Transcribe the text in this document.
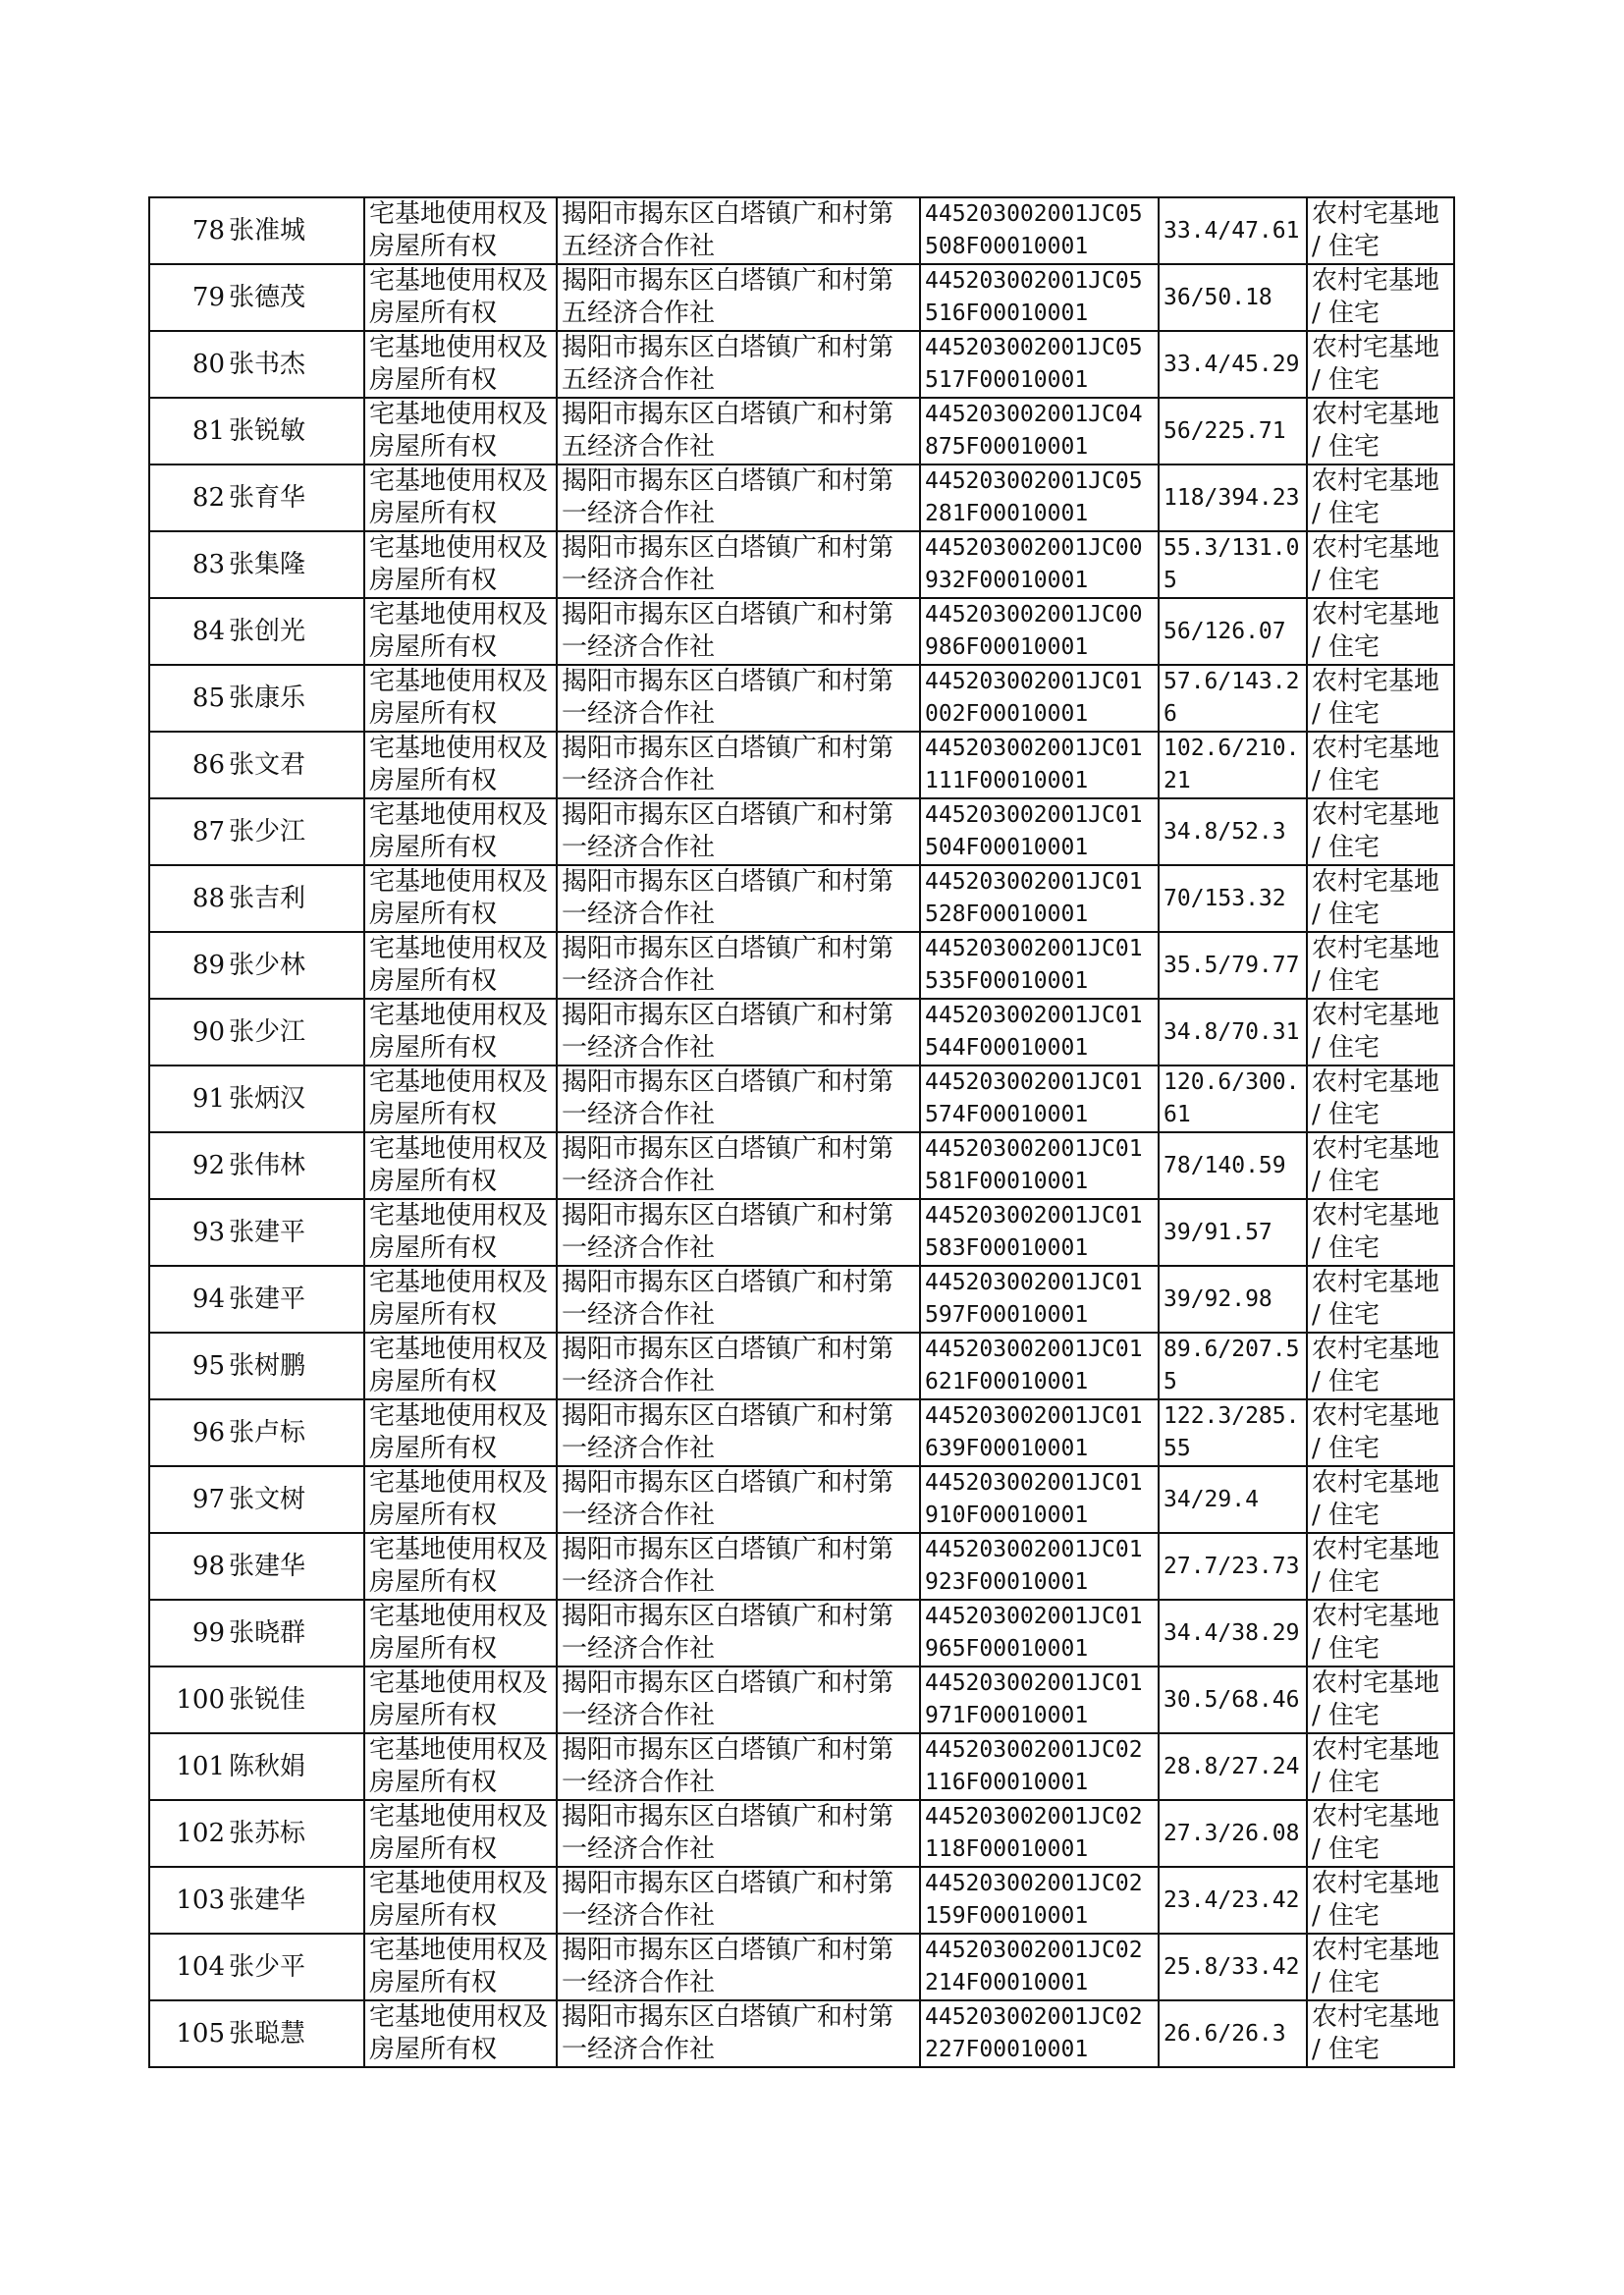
78	张准城	宅基地使用权及房屋所有权	揭阳市揭东区白塔镇广和村第五经济合作社	445203002001JC05508F00010001	33.4/47.61	农村宅基地 / 住宅
79	张德茂	宅基地使用权及房屋所有权	揭阳市揭东区白塔镇广和村第五经济合作社	445203002001JC05516F00010001	36/50.18	农村宅基地 / 住宅
80	张书杰	宅基地使用权及房屋所有权	揭阳市揭东区白塔镇广和村第五经济合作社	445203002001JC05517F00010001	33.4/45.29	农村宅基地 / 住宅
81	张锐敏	宅基地使用权及房屋所有权	揭阳市揭东区白塔镇广和村第五经济合作社	445203002001JC04875F00010001	56/225.71	农村宅基地 / 住宅
82	张育华	宅基地使用权及房屋所有权	揭阳市揭东区白塔镇广和村第一经济合作社	445203002001JC05281F00010001	118/394.23	农村宅基地 / 住宅
83	张集隆	宅基地使用权及房屋所有权	揭阳市揭东区白塔镇广和村第一经济合作社	445203002001JC00932F00010001	55.3/131.05	农村宅基地 / 住宅
84	张创光	宅基地使用权及房屋所有权	揭阳市揭东区白塔镇广和村第一经济合作社	445203002001JC00986F00010001	56/126.07	农村宅基地 / 住宅
85	张康乐	宅基地使用权及房屋所有权	揭阳市揭东区白塔镇广和村第一经济合作社	445203002001JC01002F00010001	57.6/143.26	农村宅基地 / 住宅
86	张文君	宅基地使用权及房屋所有权	揭阳市揭东区白塔镇广和村第一经济合作社	445203002001JC01111F00010001	102.6/210.21	农村宅基地 / 住宅
87	张少江	宅基地使用权及房屋所有权	揭阳市揭东区白塔镇广和村第一经济合作社	445203002001JC01504F00010001	34.8/52.3	农村宅基地 / 住宅
88	张吉利	宅基地使用权及房屋所有权	揭阳市揭东区白塔镇广和村第一经济合作社	445203002001JC01528F00010001	70/153.32	农村宅基地 / 住宅
89	张少林	宅基地使用权及房屋所有权	揭阳市揭东区白塔镇广和村第一经济合作社	445203002001JC01535F00010001	35.5/79.77	农村宅基地 / 住宅
90	张少江	宅基地使用权及房屋所有权	揭阳市揭东区白塔镇广和村第一经济合作社	445203002001JC01544F00010001	34.8/70.31	农村宅基地 / 住宅
91	张炳汉	宅基地使用权及房屋所有权	揭阳市揭东区白塔镇广和村第一经济合作社	445203002001JC01574F00010001	120.6/300.61	农村宅基地 / 住宅
92	张伟林	宅基地使用权及房屋所有权	揭阳市揭东区白塔镇广和村第一经济合作社	445203002001JC01581F00010001	78/140.59	农村宅基地 / 住宅
93	张建平	宅基地使用权及房屋所有权	揭阳市揭东区白塔镇广和村第一经济合作社	445203002001JC01583F00010001	39/91.57	农村宅基地 / 住宅
94	张建平	宅基地使用权及房屋所有权	揭阳市揭东区白塔镇广和村第一经济合作社	445203002001JC01597F00010001	39/92.98	农村宅基地 / 住宅
95	张树鹏	宅基地使用权及房屋所有权	揭阳市揭东区白塔镇广和村第一经济合作社	445203002001JC01621F00010001	89.6/207.55	农村宅基地 / 住宅
96	张卢标	宅基地使用权及房屋所有权	揭阳市揭东区白塔镇广和村第一经济合作社	445203002001JC01639F00010001	122.3/285.55	农村宅基地 / 住宅
97	张文树	宅基地使用权及房屋所有权	揭阳市揭东区白塔镇广和村第一经济合作社	445203002001JC01910F00010001	34/29.4	农村宅基地 / 住宅
98	张建华	宅基地使用权及房屋所有权	揭阳市揭东区白塔镇广和村第一经济合作社	445203002001JC01923F00010001	27.7/23.73	农村宅基地 / 住宅
99	张晓群	宅基地使用权及房屋所有权	揭阳市揭东区白塔镇广和村第一经济合作社	445203002001JC01965F00010001	34.4/38.29	农村宅基地 / 住宅
100	张锐佳	宅基地使用权及房屋所有权	揭阳市揭东区白塔镇广和村第一经济合作社	445203002001JC01971F00010001	30.5/68.46	农村宅基地 / 住宅
101	陈秋娟	宅基地使用权及房屋所有权	揭阳市揭东区白塔镇广和村第一经济合作社	445203002001JC02116F00010001	28.8/27.24	农村宅基地 / 住宅
102	张苏标	宅基地使用权及房屋所有权	揭阳市揭东区白塔镇广和村第一经济合作社	445203002001JC02118F00010001	27.3/26.08	农村宅基地 / 住宅
103	张建华	宅基地使用权及房屋所有权	揭阳市揭东区白塔镇广和村第一经济合作社	445203002001JC02159F00010001	23.4/23.42	农村宅基地 / 住宅
104	张少平	宅基地使用权及房屋所有权	揭阳市揭东区白塔镇广和村第一经济合作社	445203002001JC02214F00010001	25.8/33.42	农村宅基地 / 住宅
105	张聪慧	宅基地使用权及房屋所有权	揭阳市揭东区白塔镇广和村第一经济合作社	445203002001JC02227F00010001	26.6/26.3	农村宅基地 / 住宅
